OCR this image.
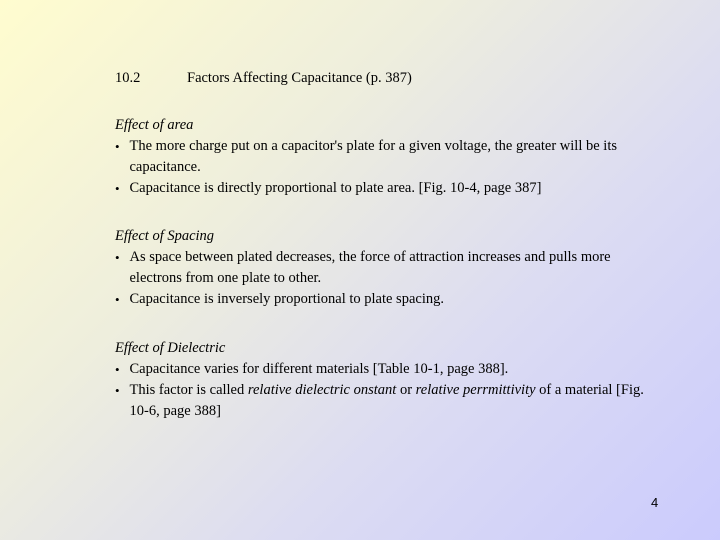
10.2	Factors Affecting Capacitance (p. 387)
Effect of area
• The more charge put on a capacitor's plate for a given voltage, the greater will be its capacitance.
• Capacitance is directly proportional to plate area. [Fig. 10-4, page 387]
Effect of Spacing
• As space between plated decreases, the force of attraction increases and pulls more electrons from one plate to other.
• Capacitance is inversely proportional to plate spacing.
Effect of Dielectric
• Capacitance varies for different materials [Table 10-1, page 388].
• This factor is called relative dielectric onstant or relative perrmittivity of a material [Fig. 10-6, page 388]
4
